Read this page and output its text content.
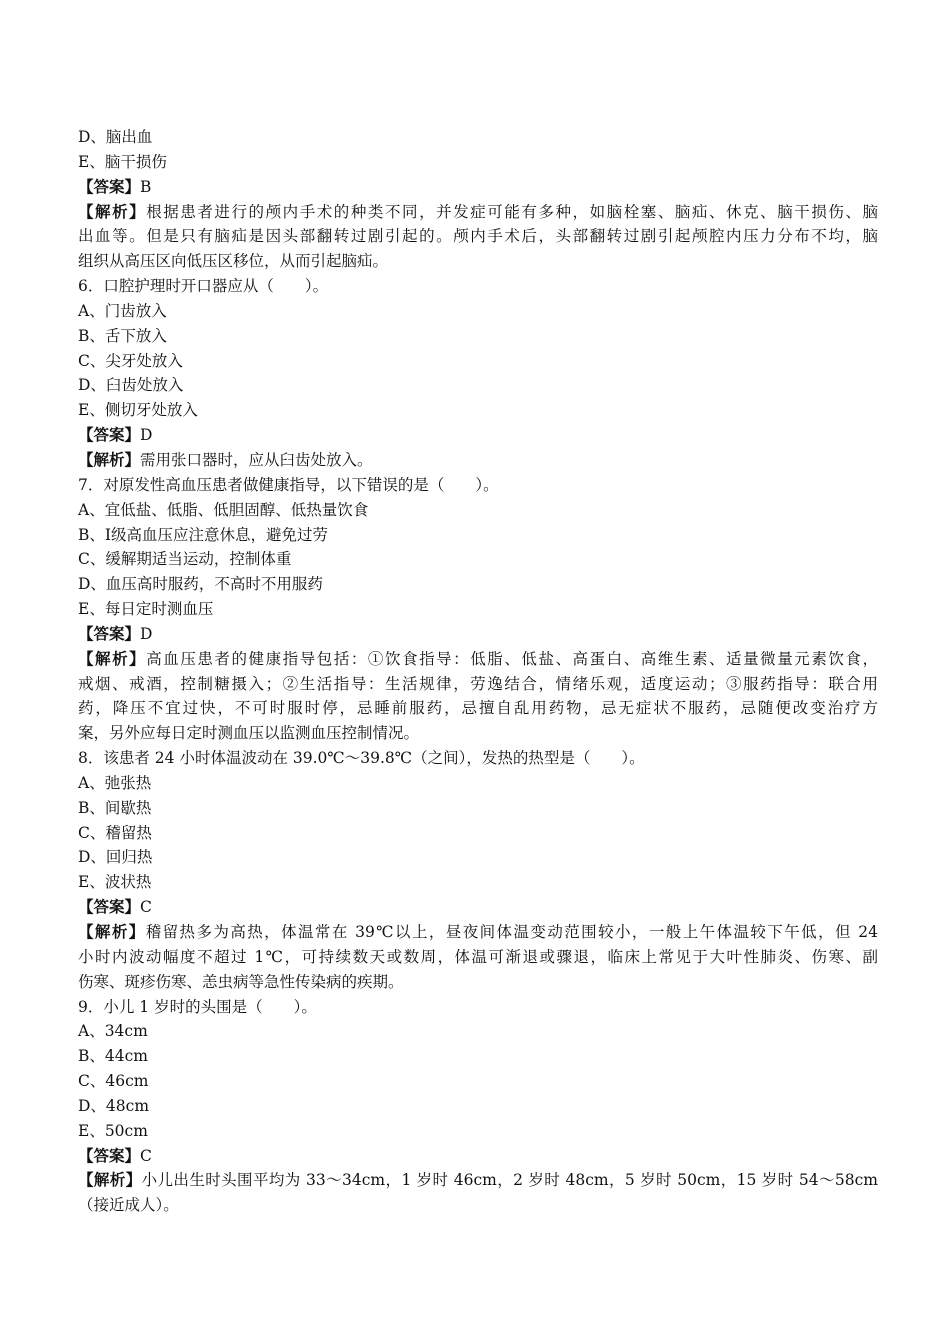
D、脑出血
E、脑干损伤
【答案】B
【解析】根据患者进行的颅内手术的种类不同，并发症可能有多种，如脑栓塞、脑疝、休克、脑干损伤、脑
出血等。但是只有脑疝是因头部翻转过剧引起的。颅内手术后，头部翻转过剧引起颅腔内压力分布不均，脑
组织从高压区向低压区移位，从而引起脑疝。
6．口腔护理时开口器应从（　　）。
A、门齿放入
B、舌下放入
C、尖牙处放入
D、臼齿处放入
E、侧切牙处放入
【答案】D
【解析】需用张口器时，应从臼齿处放入。
7．对原发性高血压患者做健康指导，以下错误的是（　　）。
A、宜低盐、低脂、低胆固醇、低热量饮食
B、Ⅰ级高血压应注意休息，避免过劳
C、缓解期适当运动，控制体重
D、血压高时服药，不高时不用服药
E、每日定时测血压
【答案】D
【解析】高血压患者的健康指导包括：①饮食指导：低脂、低盐、高蛋白、高维生素、适量微量元素饮食，
戒烟、戒酒，控制糖摄入；②生活指导：生活规律，劳逸结合，情绪乐观，适度运动；③服药指导：联合用
药，降压不宜过快，不可时服时停，忌睡前服药，忌擅自乱用药物，忌无症状不服药，忌随便改变治疗方
案，另外应每日定时测血压以监测血压控制情况。
8．该患者 24 小时体温波动在 39.0℃～39.8℃（之间），发热的热型是（　　）。
A、弛张热
B、间歇热
C、稽留热
D、回归热
E、波状热
【答案】C
【解析】稽留热多为高热，体温常在 39℃以上，昼夜间体温变动范围较小，一般上午体温较下午低，但 24
小时内波动幅度不超过 1℃，可持续数天或数周，体温可渐退或骤退，临床上常见于大叶性肺炎、伤寒、副
伤寒、斑疹伤寒、恙虫病等急性传染病的疾期。
9．小儿 1 岁时的头围是（　　）。
A、34cm
B、44cm
C、46cm
D、48cm
E、50cm
【答案】C
【解析】小儿出生时头围平均为 33～34cm，1 岁时 46cm，2 岁时 48cm，5 岁时 50cm，15 岁时 54～58cm
（接近成人）。
